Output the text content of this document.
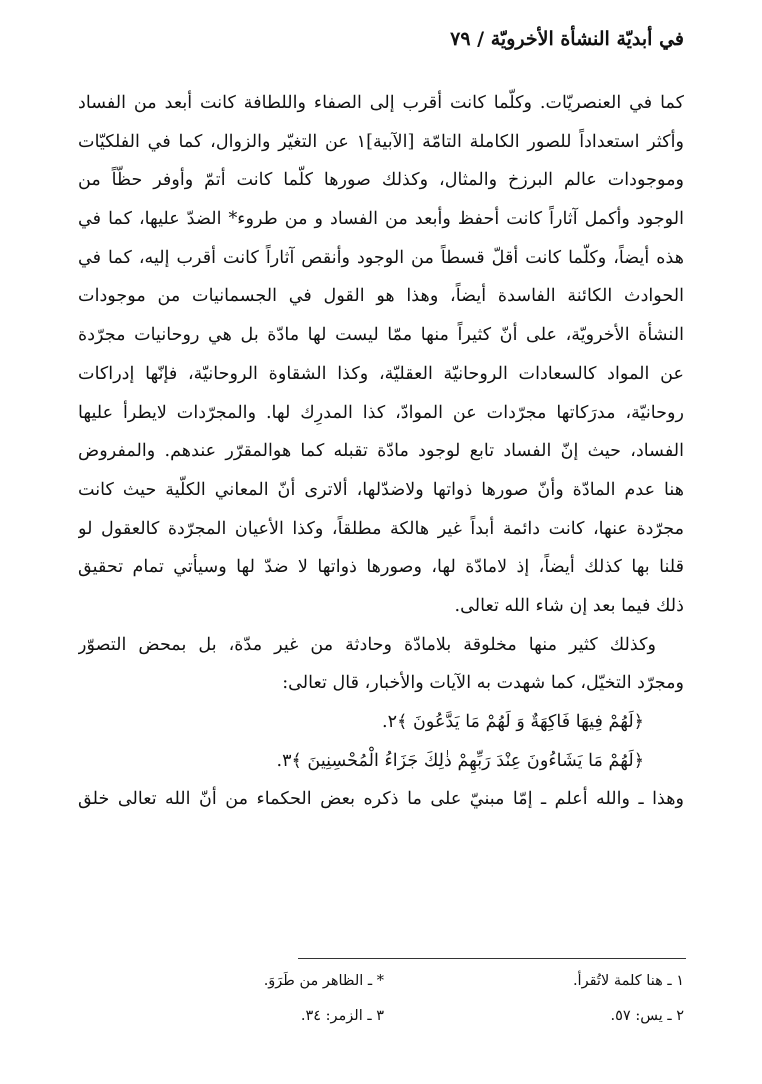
في أبديّة النشأة الأخرويّة / ٧٩
كما في العنصريّات. وكلّما كانت أقرب إلى الصفاء واللطافة كانت أبعد من الفساد
وأكثر استعداداً للصور الكاملة التامّة [الآبية]١ عن التغيّر والزوال، كما في الفلكيّات
وموجودات عالم البرزخ والمثال، وكذلك صورها كلّما كانت أتمّ وأوفر حظّاً من
الوجود وأكمل آثاراً كانت أحفظ وأبعد من الفساد و من طروء* الضدّ عليها، كما في
هذه أيضاً، وكلّما كانت أقلّ قسطاً من الوجود وأنقص آثاراً كانت أقرب إليه، كما في
الحوادث الكائنة الفاسدة أيضاً، وهذا هو القول في الجسمانيات من موجودات
النشأة الأخرويّة، على أنّ كثيراً منها ممّا ليست لها مادّة بل هي روحانيات مجرّدة
عن المواد كالسعادات الروحانيّة العقليّة، وكذا الشقاوة الروحانيّة، فإنّها إدراكات
روحانيّة، مدرَكاتها مجرّدات عن الموادّ، كذا المدرِك لها. والمجرّدات لايطرأ عليها
الفساد، حيث إنّ الفساد تابع لوجود مادّة تقبله كما هوالمقرّر عندهم. والمفروض
هنا عدم المادّة وأنّ صورها ذواتها ولاضدّلها، ألاترى أنّ المعاني الكلّية حيث كانت
مجرّدة عنها، كانت دائمة أبداً غير هالكة مطلقاً، وكذا الأعيان المجرّدة كالعقول لو
قلنا بها كذلك أيضاً، إذ لامادّة لها، وصورها ذواتها لا ضدّ لها وسيأتي تمام تحقيق
ذلك فيما بعد إن شاء الله تعالى.
وكذلك كثير منها مخلوقة بلامادّة وحادثة من غير مدّة، بل بمحض التصوّر
ومجرّد التخيّل، كما شهدت به الآيات والأخبار، قال تعالى:
﴿لَهُمْ فِيهَا فَاكِهَةٌ وَ لَهُمْ مَا يَدَّعُونَ ﴾٢.
﴿لَهُمْ مَا يَشَاءُونَ عِنْدَ رَبِّهِمْ ذٰلِكَ جَزَاءُ الْمُحْسِنِينَ ﴾٣.
وهذا ـ والله أعلم ـ إمّا مبنيّ على ما ذكره بعض الحكماء من أنّ الله تعالى خلق
١ ـ هنا كلمة لاتُقرأ.
* ـ الظاهر من طَرَوَ.
٢ ـ يس: ٥٧.
٣ ـ الزمر: ٣٤.
